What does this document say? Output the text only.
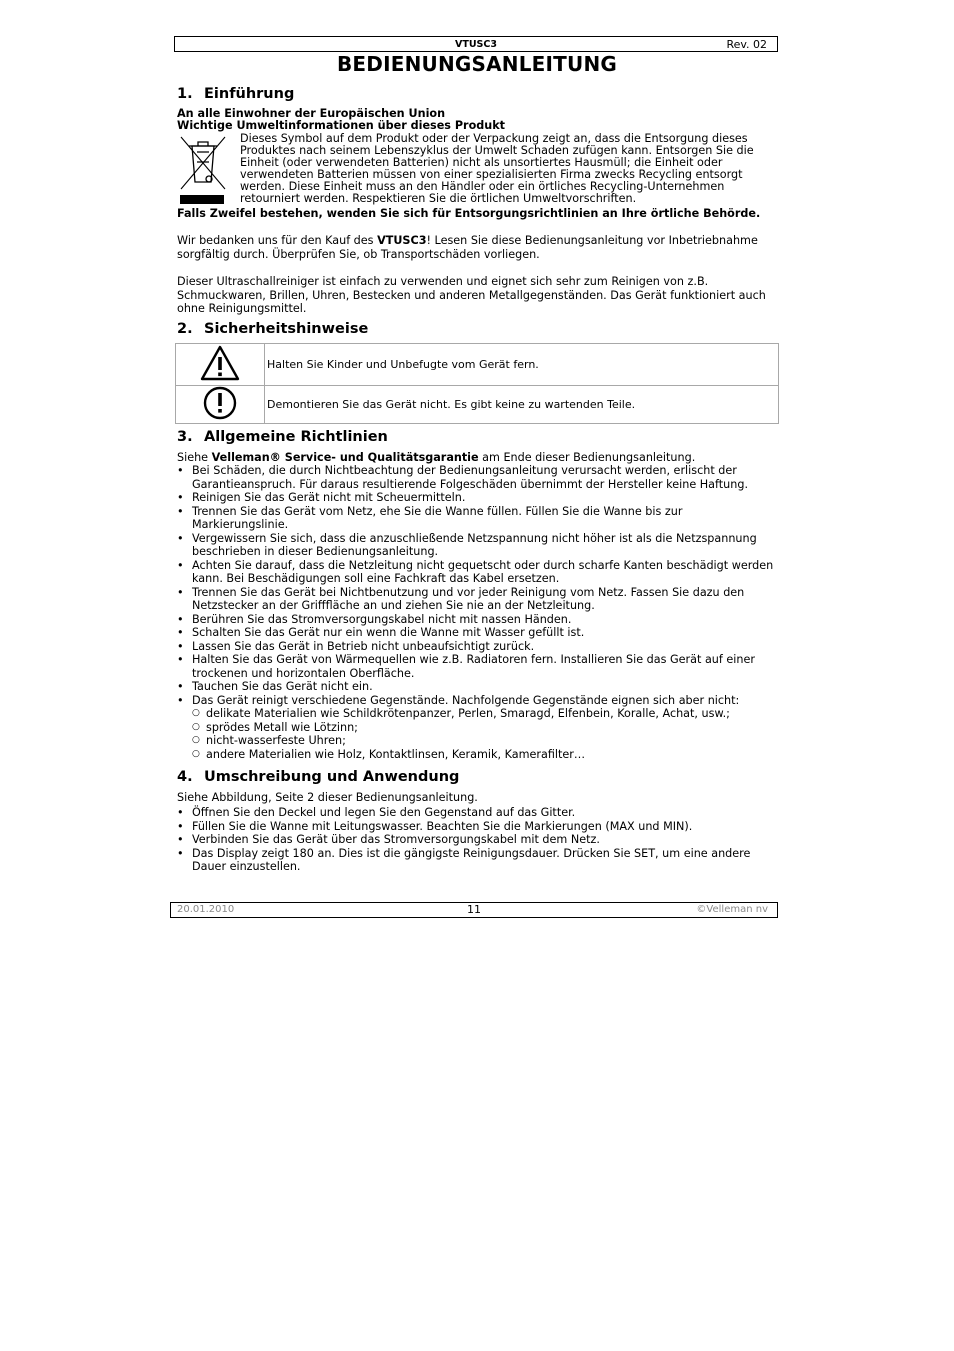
VTUSC3	Rev. 02
BEDIENUNGSANLEITUNG
1. Einführung
An alle Einwohner der Europäischen Union
Wichtige Umweltinformationen über dieses Produkt
Dieses Symbol auf dem Produkt oder der Verpackung zeigt an, dass die Entsorgung dieses Produktes nach seinem Lebenszyklus der Umwelt Schaden zufügen kann. Entsorgen Sie die Einheit (oder verwendeten Batterien) nicht als unsortiertes Hausmüll; die Einheit oder verwendeten Batterien müssen von einer spezialisierten Firma zwecks Recycling entsorgt werden. Diese Einheit muss an den Händler oder ein örtliches Recycling-Unternehmen retourniert werden. Respektieren Sie die örtlichen Umweltvorschriften.
Falls Zweifel bestehen, wenden Sie sich für Entsorgungsrichtlinien an Ihre örtliche Behörde.
Wir bedanken uns für den Kauf des VTUSC3! Lesen Sie diese Bedienungsanleitung vor Inbetriebnahme sorgfältig durch. Überprüfen Sie, ob Transportschäden vorliegen.
Dieser Ultraschallreiniger ist einfach zu verwenden und eignet sich sehr zum Reinigen von z.B. Schmuckwaren, Brillen, Uhren, Bestecken und anderen Metallgegenständen. Das Gerät funktioniert auch ohne Reinigungsmittel.
2. Sicherheitshinweise
	Halten Sie Kinder und Unbefugte vom Gerät fern.
	Demontieren Sie das Gerät nicht. Es gibt keine zu wartenden Teile.
3. Allgemeine Richtlinien
Siehe Velleman® Service- und Qualitätsgarantie am Ende dieser Bedienungsanleitung.
• Bei Schäden, die durch Nichtbeachtung der Bedienungsanleitung verursacht werden, erlischt der Garantieanspruch. Für daraus resultierende Folgeschäden übernimmt der Hersteller keine Haftung.
• Reinigen Sie das Gerät nicht mit Scheuermitteln.
• Trennen Sie das Gerät vom Netz, ehe Sie die Wanne füllen. Füllen Sie die Wanne bis zur Markierungslinie.
• Vergewissern Sie sich, dass die anzuschließende Netzspannung nicht höher ist als die Netzspannung beschrieben in dieser Bedienungsanleitung.
• Achten Sie darauf, dass die Netzleitung nicht gequetscht oder durch scharfe Kanten beschädigt werden kann. Bei Beschädigungen soll eine Fachkraft das Kabel ersetzen.
• Trennen Sie das Gerät bei Nichtbenutzung und vor jeder Reinigung vom Netz. Fassen Sie dazu den Netzstecker an der Grifffläche an und ziehen Sie nie an der Netzleitung.
• Berühren Sie das Stromversorgungskabel nicht mit nassen Händen.
• Schalten Sie das Gerät nur ein wenn die Wanne mit Wasser gefüllt ist.
• Lassen Sie das Gerät in Betrieb nicht unbeaufsichtigt zurück.
• Halten Sie das Gerät von Wärmequellen wie z.B. Radiatoren fern. Installieren Sie das Gerät auf einer trockenen und horizontalen Oberfläche.
• Tauchen Sie das Gerät nicht ein.
• Das Gerät reinigt verschiedene Gegenstände. Nachfolgende Gegenstände eignen sich aber nicht:
○ delikate Materialien wie Schildkrötenpanzer, Perlen, Smaragd, Elfenbein, Koralle, Achat, usw.;
○ sprödes Metall wie Lötzinn;
○ nicht-wasserfeste Uhren;
○ andere Materialien wie Holz, Kontaktlinsen, Keramik, Kamerafilter…
4. Umschreibung und Anwendung
Siehe Abbildung, Seite 2 dieser Bedienungsanleitung.
• Öffnen Sie den Deckel und legen Sie den Gegenstand auf das Gitter.
• Füllen Sie die Wanne mit Leitungswasser. Beachten Sie die Markierungen (MAX und MIN).
• Verbinden Sie das Gerät über das Stromversorgungskabel mit dem Netz.
• Das Display zeigt 180 an. Dies ist die gängigste Reinigungsdauer. Drücken Sie SET, um eine andere Dauer einzustellen.
20.01.2010	11	©Velleman nv
